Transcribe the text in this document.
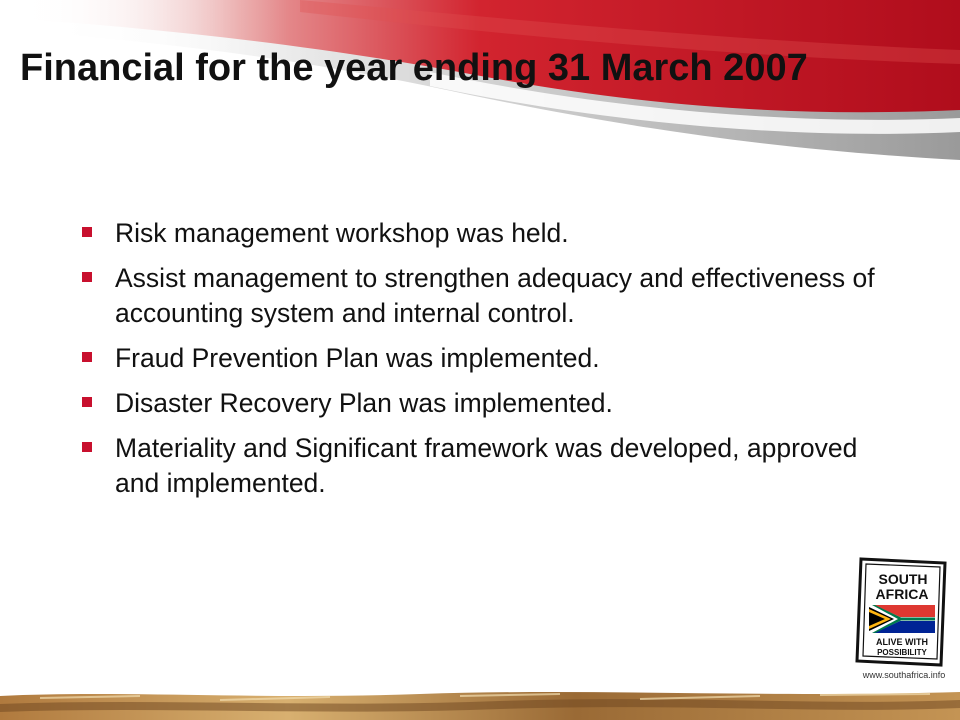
Financial for the year ending 31 March 2007
Risk management workshop was held.
Assist management to strengthen adequacy and effectiveness of accounting system and internal control.
Fraud Prevention Plan was implemented.
Disaster Recovery Plan was implemented.
Materiality and Significant framework was developed, approved and implemented.
SOUTH
AFRICA
ALIVE WITH
POSSIBILITY
www.southafrica.info
